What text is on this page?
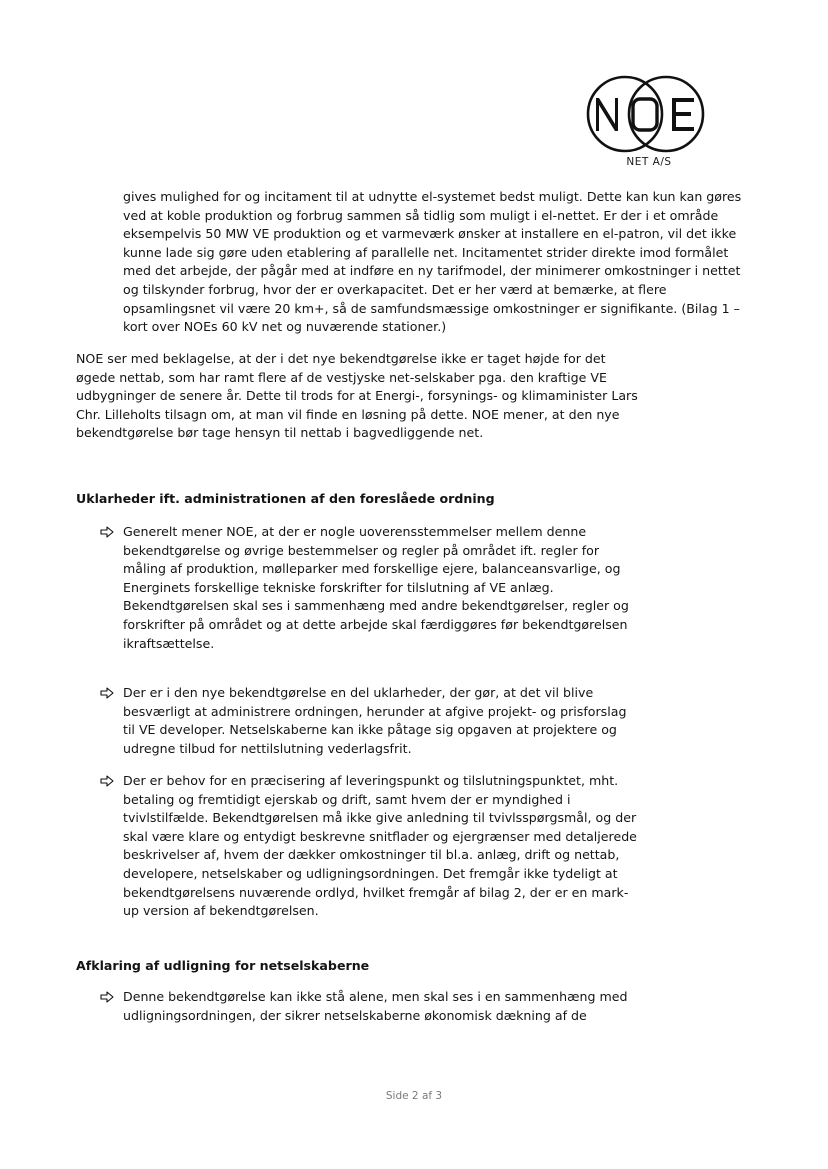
NET A/S
gives mulighed for og incitament til at udnytte el-systemet bedst muligt. Dette kan kun kan gøres
ved at koble produktion og forbrug sammen så tidlig som muligt i el-nettet. Er der i et område
eksempelvis 50 MW VE produktion og et varmeværk ønsker at installere en el-patron, vil det ikke
kunne lade sig gøre uden etablering af parallelle net. Incitamentet strider direkte imod formålet
med det arbejde, der pågår med at indføre en ny tarifmodel, der minimerer omkostninger i nettet
og tilskynder forbrug, hvor der er overkapacitet. Det er her værd at bemærke, at flere
opsamlingsnet vil være 20 km+, så de samfundsmæssige omkostninger er signifikante. (Bilag 1 –
kort over NOEs 60 kV net og nuværende stationer.)
NOE ser med beklagelse, at der i det nye bekendtgørelse ikke er taget højde for det
øgede nettab, som har ramt flere af de vestjyske net-selskaber pga. den kraftige VE
udbygninger de senere år. Dette til trods for at Energi-, forsynings- og klimaminister Lars
Chr. Lilleholts tilsagn om, at man vil finde en løsning på dette. NOE mener, at den nye
bekendtgørelse bør tage hensyn til nettab i bagvedliggende net.
Uklarheder ift. administrationen af den foreslåede ordning
Generelt mener NOE, at der er nogle uoverensstemmelser mellem denne
bekendtgørelse og øvrige bestemmelser og regler på området ift. regler for
måling af produktion, mølleparker med forskellige ejere, balanceansvarlige, og
Energinets forskellige tekniske forskrifter for tilslutning af VE anlæg.
Bekendtgørelsen skal ses i sammenhæng med andre bekendtgørelser, regler og
forskrifter på området og at dette arbejde skal færdiggøres før bekendtgørelsen
ikraftsættelse.
Der er i den nye bekendtgørelse en del uklarheder, der gør, at det vil blive
besværligt at administrere ordningen, herunder at afgive projekt- og prisforslag
til VE developer. Netselskaberne kan ikke påtage sig opgaven at projektere og
udregne tilbud for nettilslutning vederlagsfrit.
Der er behov for en præcisering af leveringspunkt og tilslutningspunktet, mht.
betaling og fremtidigt ejerskab og drift, samt hvem der er myndighed i
tvivlstilfælde. Bekendtgørelsen må ikke give anledning til tvivlsspørgsmål, og der
skal være klare og entydigt beskrevne snitflader og ejergrænser med detaljerede
beskrivelser af, hvem der dækker omkostninger til bl.a. anlæg, drift og nettab,
developere, netselskaber og udligningsordningen. Det fremgår ikke tydeligt at
bekendtgørelsens nuværende ordlyd, hvilket fremgår af bilag 2, der er en mark-
up version af bekendtgørelsen.
Afklaring af udligning for netselskaberne
Denne bekendtgørelse kan ikke stå alene, men skal ses i en sammenhæng med
udligningsordningen, der sikrer netselskaberne økonomisk dækning af de
Side 2 af 3
